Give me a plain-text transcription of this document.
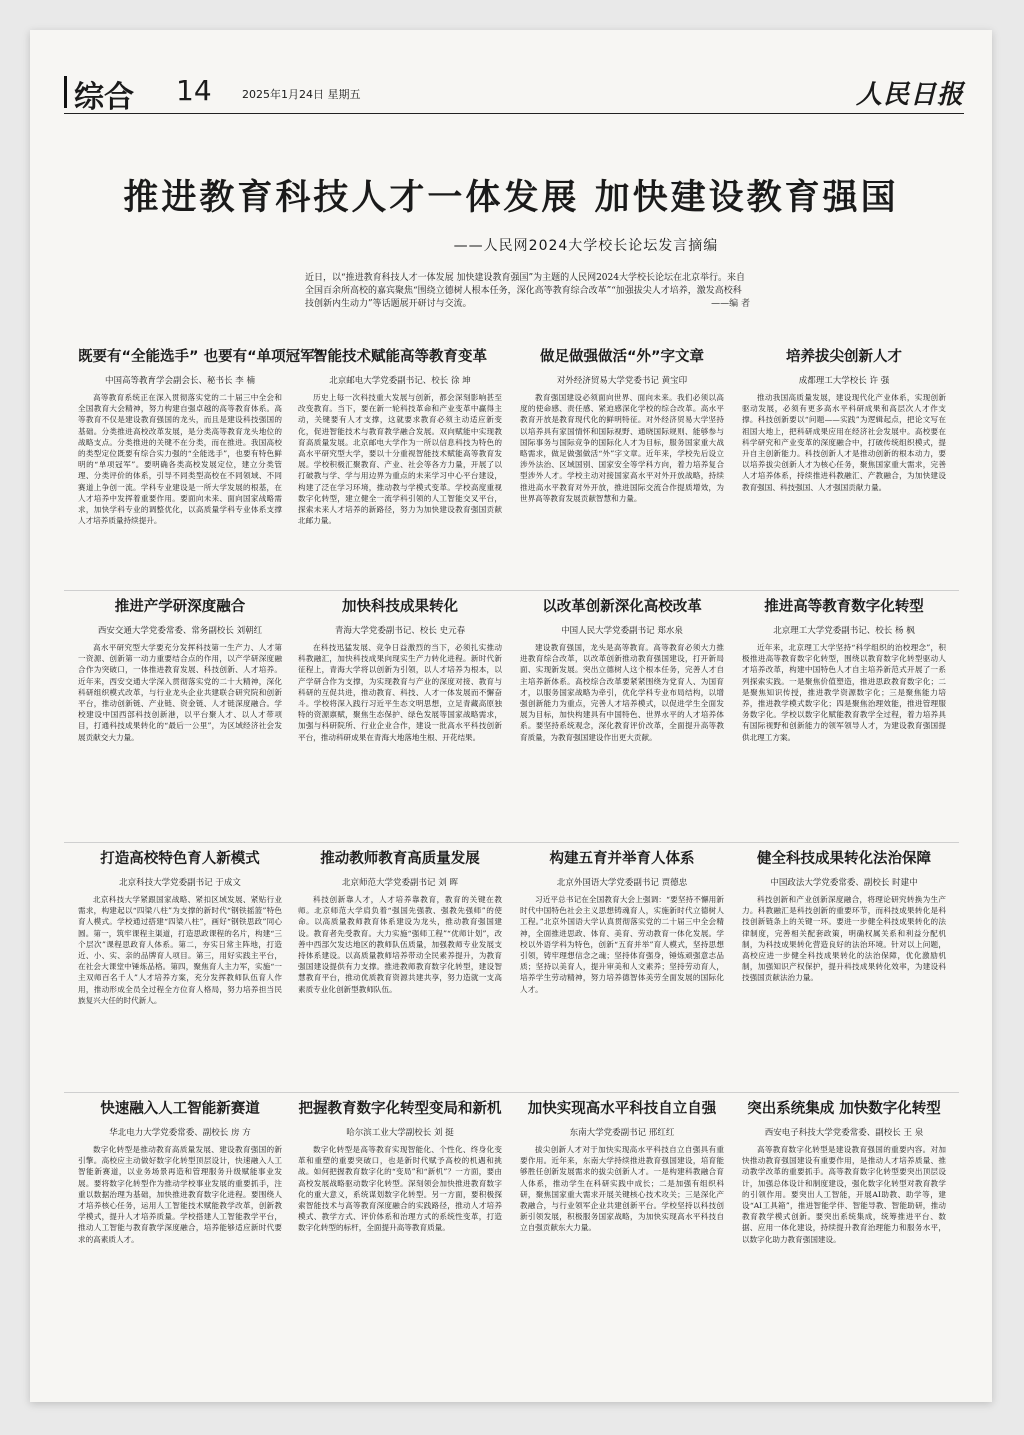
综合 14	2025年1月24日 星期五	人民日报
推进教育科技人才一体发展 加快建设教育强国
——人民网2024大学校长论坛发言摘编

近日，以“推进教育科技人才一体发展 加快建设教育强国”为主题的人民网2024大学校长论坛在北京举行。来自全国百余所高校的嘉宾聚焦“围绕立德树人根本任务，深化高等教育综合改革”“加强拔尖人才培养，激发高校科技创新内生动力”等话题展开研讨与交流。	——编 者

既要有“全能选手” 也要有“单项冠军”
中国高等教育学会副会长、秘书长 李 楠

高等教育系统正在深入贯彻落实党的二十届三中全会和全国教育大会精神，努力构建自强卓越的高等教育体系。高等教育不仅是建设教育强国的龙头，而且是建设科技强国的基础。分类推进高校改革发展，是分类高等教育龙头地位的战略支点。分类推进的关键不在分类，而在推进。我国高校的类型定位既要有综合实力强的“全能选手”，也要有特色鲜明的“单项冠军”。要明确各类高校发展定位，建立分类管理、分类评价的体系，引导不同类型高校在不同领域、不同赛道上争创一流。学科专业建设是一所大学发展的根基，在人才培养中发挥着重要作用。要面向未来、面向国家战略需求，加快学科专业的调整优化，以高质量学科专业体系支撑人才培养质量持续提升。

智能技术赋能高等教育变革
北京邮电大学党委副书记、校长 徐 坤

历史上每一次科技重大发展与创新，都会深刻影响甚至改变教育。当下，要在新一轮科技革命和产业变革中赢得主动，关键要有人才支撑，这就要求教育必须主动适应新变化，促进智能技术与教育教学融合发展。双向赋能中实现教育高质量发展。北京邮电大学作为一所以信息科技为特色的高水平研究型大学，要以十分重视智能技术赋能高等教育发展。学校积极汇聚教育、产业、社会等各方力量，开展了以打破教与学、学与用边界为重点的未来学习中心平台建设，构建了泛在学习环境，推动教与学模式变革。学校高度重视数字化转型，建立健全一流学科引领的人工智能交叉平台，探索未来人才培养的新路径，努力为加快建设教育强国贡献北邮力量。

做足做强做活“外”字文章
对外经济贸易大学党委书记 黄宝印

教育强国建设必须面向世界、面向未来。我们必须以高度的使命感、责任感、紧迫感深化学校的综合改革。高水平教育开放是教育现代化的鲜明特征。对外经济贸易大学坚持以培养具有家国情怀和国际视野、通晓国际规则、能够参与国际事务与国际竞争的国际化人才为目标，服务国家重大战略需求，做足做强做活“外”字文章。近年来，学校先后设立涉外法治、区域国别、国家安全等学科方向，着力培养复合型涉外人才。学校主动对接国家高水平对外开放战略，持续推进高水平教育对外开放，推进国际交流合作提质增效，为世界高等教育发展贡献智慧和力量。

培养拔尖创新人才
成都理工大学校长 许 强

推动我国高质量发展，建设现代化产业体系，实现创新驱动发展，必须有更多高水平科研成果和高层次人才作支撑。科技创新要以“问题——实践”为逻辑起点，把论文写在祖国大地上，把科研成果应用在经济社会发展中。高校要在科学研究和产业变革的深度融合中，打破传统组织模式，提升自主创新能力。科技创新人才是推动创新的根本动力，要以培养拔尖创新人才为核心任务，聚焦国家重大需求，完善人才培养体系，持续推进科教融汇、产教融合，为加快建设教育强国、科技强国、人才强国贡献力量。

推进产学研深度融合
西安交通大学党委常委、常务副校长 刘朝红

高水平研究型大学要充分发挥科技第一生产力、人才第一资源、创新第一动力重要结合点的作用，以产学研深度融合作为突破口，一体推进教育发展、科技创新、人才培养。近年来，西安交通大学深入贯彻落实党的二十大精神，深化科研组织模式改革，与行业龙头企业共建联合研究院和创新平台，推动创新链、产业链、资金链、人才链深度融合。学校建设中国西部科技创新港，以平台聚人才、以人才带项目，打通科技成果转化的“最后一公里”，为区域经济社会发展贡献交大力量。

加快科技成果转化
青海大学党委副书记、校长 史元春

在科技迅猛发展、竞争日益激烈的当下，必须扎实推动科教融汇，加快科技成果向现实生产力转化进程。新时代新征程上，青海大学将以创新为引领，以人才培养为根本，以产学研合作为支撑，为实现教育与产业的深度对接、教育与科研的互促共进，推动教育、科技、人才一体发展而不懈奋斗。学校将深入践行习近平生态文明思想，立足青藏高原独特的资源禀赋，聚焦生态保护、绿色发展等国家战略需求，加强与科研院所、行业企业合作，建设一批高水平科技创新平台，推动科研成果在青海大地落地生根、开花结果。

以改革创新深化高校改革
中国人民大学党委副书记 郑水泉

建设教育强国，龙头是高等教育。高等教育必须大力推进教育综合改革，以改革创新推动教育强国建设，打开新局面、实现新发展。突出立德树人这个根本任务，完善人才自主培养新体系。高校综合改革要紧紧围绕为党育人、为国育才，以服务国家战略为牵引，优化学科专业布局结构，以增强创新能力为重点，完善人才培养模式，以促进学生全面发展为目标，加快构建具有中国特色、世界水平的人才培养体系。要坚持系统观念，深化教育评价改革，全面提升高等教育质量，为教育强国建设作出更大贡献。

推进高等教育数字化转型
北京理工大学党委副书记、校长 杨 枫

近年来，北京理工大学坚持“科学组织的治校理念”，积极推进高等教育数字化转型，围绕以教育数字化转型驱动人才培养改革，构建中国特色人才自主培养新范式开展了一系列探索实践。一是聚焦价值塑造，推进思政教育数字化；二是聚焦知识传授，推进教学资源数字化；三是聚焦能力培养，推进教学模式数字化；四是聚焦治理效能，推进管理服务数字化。学校以数字化赋能教育教学全过程，着力培养具有国际视野和创新能力的领军领导人才，为建设教育强国提供北理工方案。

打造高校特色育人新模式
北京科技大学党委副书记 于成文

北京科技大学紧跟国家战略、紧扣区域发展、紧贴行业需求，构建起以“四梁八柱”为支撑的新时代“钢铁摇篮”特色育人模式。学校通过搭建“四梁八柱”，画好“钢铁思政”同心圆。第一，筑牢课程主渠道，打造思政课程的名片，构建“三个层次”课程思政育人体系。第二，夯实日常主阵地，打造近、小、实、亲的品牌育人项目。第三，用好实践主平台，在社会大课堂中锤炼品格。第四，聚焦育人主力军，实施“一主双师百名千人”人才培养方案，充分发挥教师队伍育人作用，推动形成全员全过程全方位育人格局，努力培养担当民族复兴大任的时代新人。

推动教师教育高质量发展
北京师范大学党委副书记 刘 晖

科技创新靠人才，人才培养靠教育，教育的关键在教师。北京师范大学肩负着“强国先强教、强教先强师”的使命。以高质量教师教育体系建设为龙头，推动教育强国建设。教育者先受教育。大力实施“强师工程”“优师计划”，改善中西部欠发达地区的教师队伍质量，加强教师专业发展支持体系建设。以高质量教师培养带动全民素养提升，为教育强国建设提供有力支撑。推进教师教育数字化转型，建设智慧教育平台，推动优质教育资源共建共享，努力造就一支高素质专业化创新型教师队伍。

构建五育并举育人体系
北京外国语大学党委副书记 贾德忠

习近平总书记在全国教育大会上强调：“要坚持不懈用新时代中国特色社会主义思想铸魂育人，实施新时代立德树人工程。”北京外国语大学认真贯彻落实党的二十届三中全会精神，全面推进思政、体育、美育、劳动教育一体化发展。学校以外语学科为特色，创新“五育并举”育人模式，坚持思想引领，铸牢理想信念之魂；坚持体育强身，锤炼顽强意志品质；坚持以美育人，提升审美和人文素养；坚持劳动育人，培养学生劳动精神，努力培养德智体美劳全面发展的国际化人才。

健全科技成果转化法治保障
中国政法大学党委常委、副校长 时建中

科技创新和产业创新深度融合，将理论研究转换为生产力。科教融汇是科技创新的重要环节，而科技成果转化是科技创新链条上的关键一环。要进一步健全科技成果转化的法律制度，完善相关配套政策，明确权属关系和利益分配机制，为科技成果转化营造良好的法治环境。针对以上问题，高校应进一步健全科技成果转化的法治保障，优化激励机制，加强知识产权保护，提升科技成果转化效率，为建设科技强国贡献法治力量。

快速融入人工智能新赛道
华北电力大学党委常委、副校长 房 方

数字化转型是推动教育高质量发展、建设教育强国的新引擎。高校应主动做好数字化转型顶层设计，快速融入人工智能新赛道，以业务场景再造和管理服务升级赋能事业发展。要将数字化转型作为推动学校事业发展的重要抓手，注重以数据治理为基础，加快推进教育数字化进程。要围绕人才培养核心任务，运用人工智能技术赋能教学改革，创新教学模式，提升人才培养质量。学校搭建人工智能教学平台，推动人工智能与教育教学深度融合，培养能够适应新时代要求的高素质人才。

把握教育数字化转型变局和新机
哈尔滨工业大学副校长 刘 挺

数字化转型是高等教育实现智能化、个性化、终身化变革和重塑的重要突破口，也是新时代赋予高校的机遇和挑战。如何把握教育数字化的“变局”和“新机”？一方面，要由高校发展战略驱动数字化转型。深刻领会加快推进教育数字化的重大意义，系统谋划数字化转型。另一方面，要积极探索智能技术与高等教育深度融合的实践路径，推动人才培养模式、教学方式、评价体系和治理方式的系统性变革，打造数字化转型的标杆，全面提升高等教育质量。

加快实现高水平科技自立自强
东南大学党委副书记 邢红红

拔尖创新人才对于加快实现高水平科技自立自强具有重要作用。近年来，东南大学持续推进教育强国建设，培育能够胜任创新发展需求的拔尖创新人才。一是构建科教融合育人体系，推动学生在科研实践中成长；二是加强有组织科研，聚焦国家重大需求开展关键核心技术攻关；三是深化产教融合，与行业领军企业共建创新平台。学校坚持以科技创新引领发展，积极服务国家战略，为加快实现高水平科技自立自强贡献东大力量。

突出系统集成 加快数字化转型
西安电子科技大学党委常委、副校长 王 泉

高等教育数字化转型是建设教育强国的重要内容。对加快推动教育强国建设有重要作用，是推动人才培养质量、推动教学改革的重要抓手。高等教育数字化转型要突出顶层设计，加强总体设计和制度建设，强化数字化转型对教育教学的引领作用。要突出人工智能，开展AI助教、助学等，建设“AI工具箱”，推进智能学伴、智能导教、智能助研，推动教育教学模式创新。要突出系统集成，统筹推进平台、数据、应用一体化建设，持续提升教育治理能力和服务水平，以数字化助力教育强国建设。
